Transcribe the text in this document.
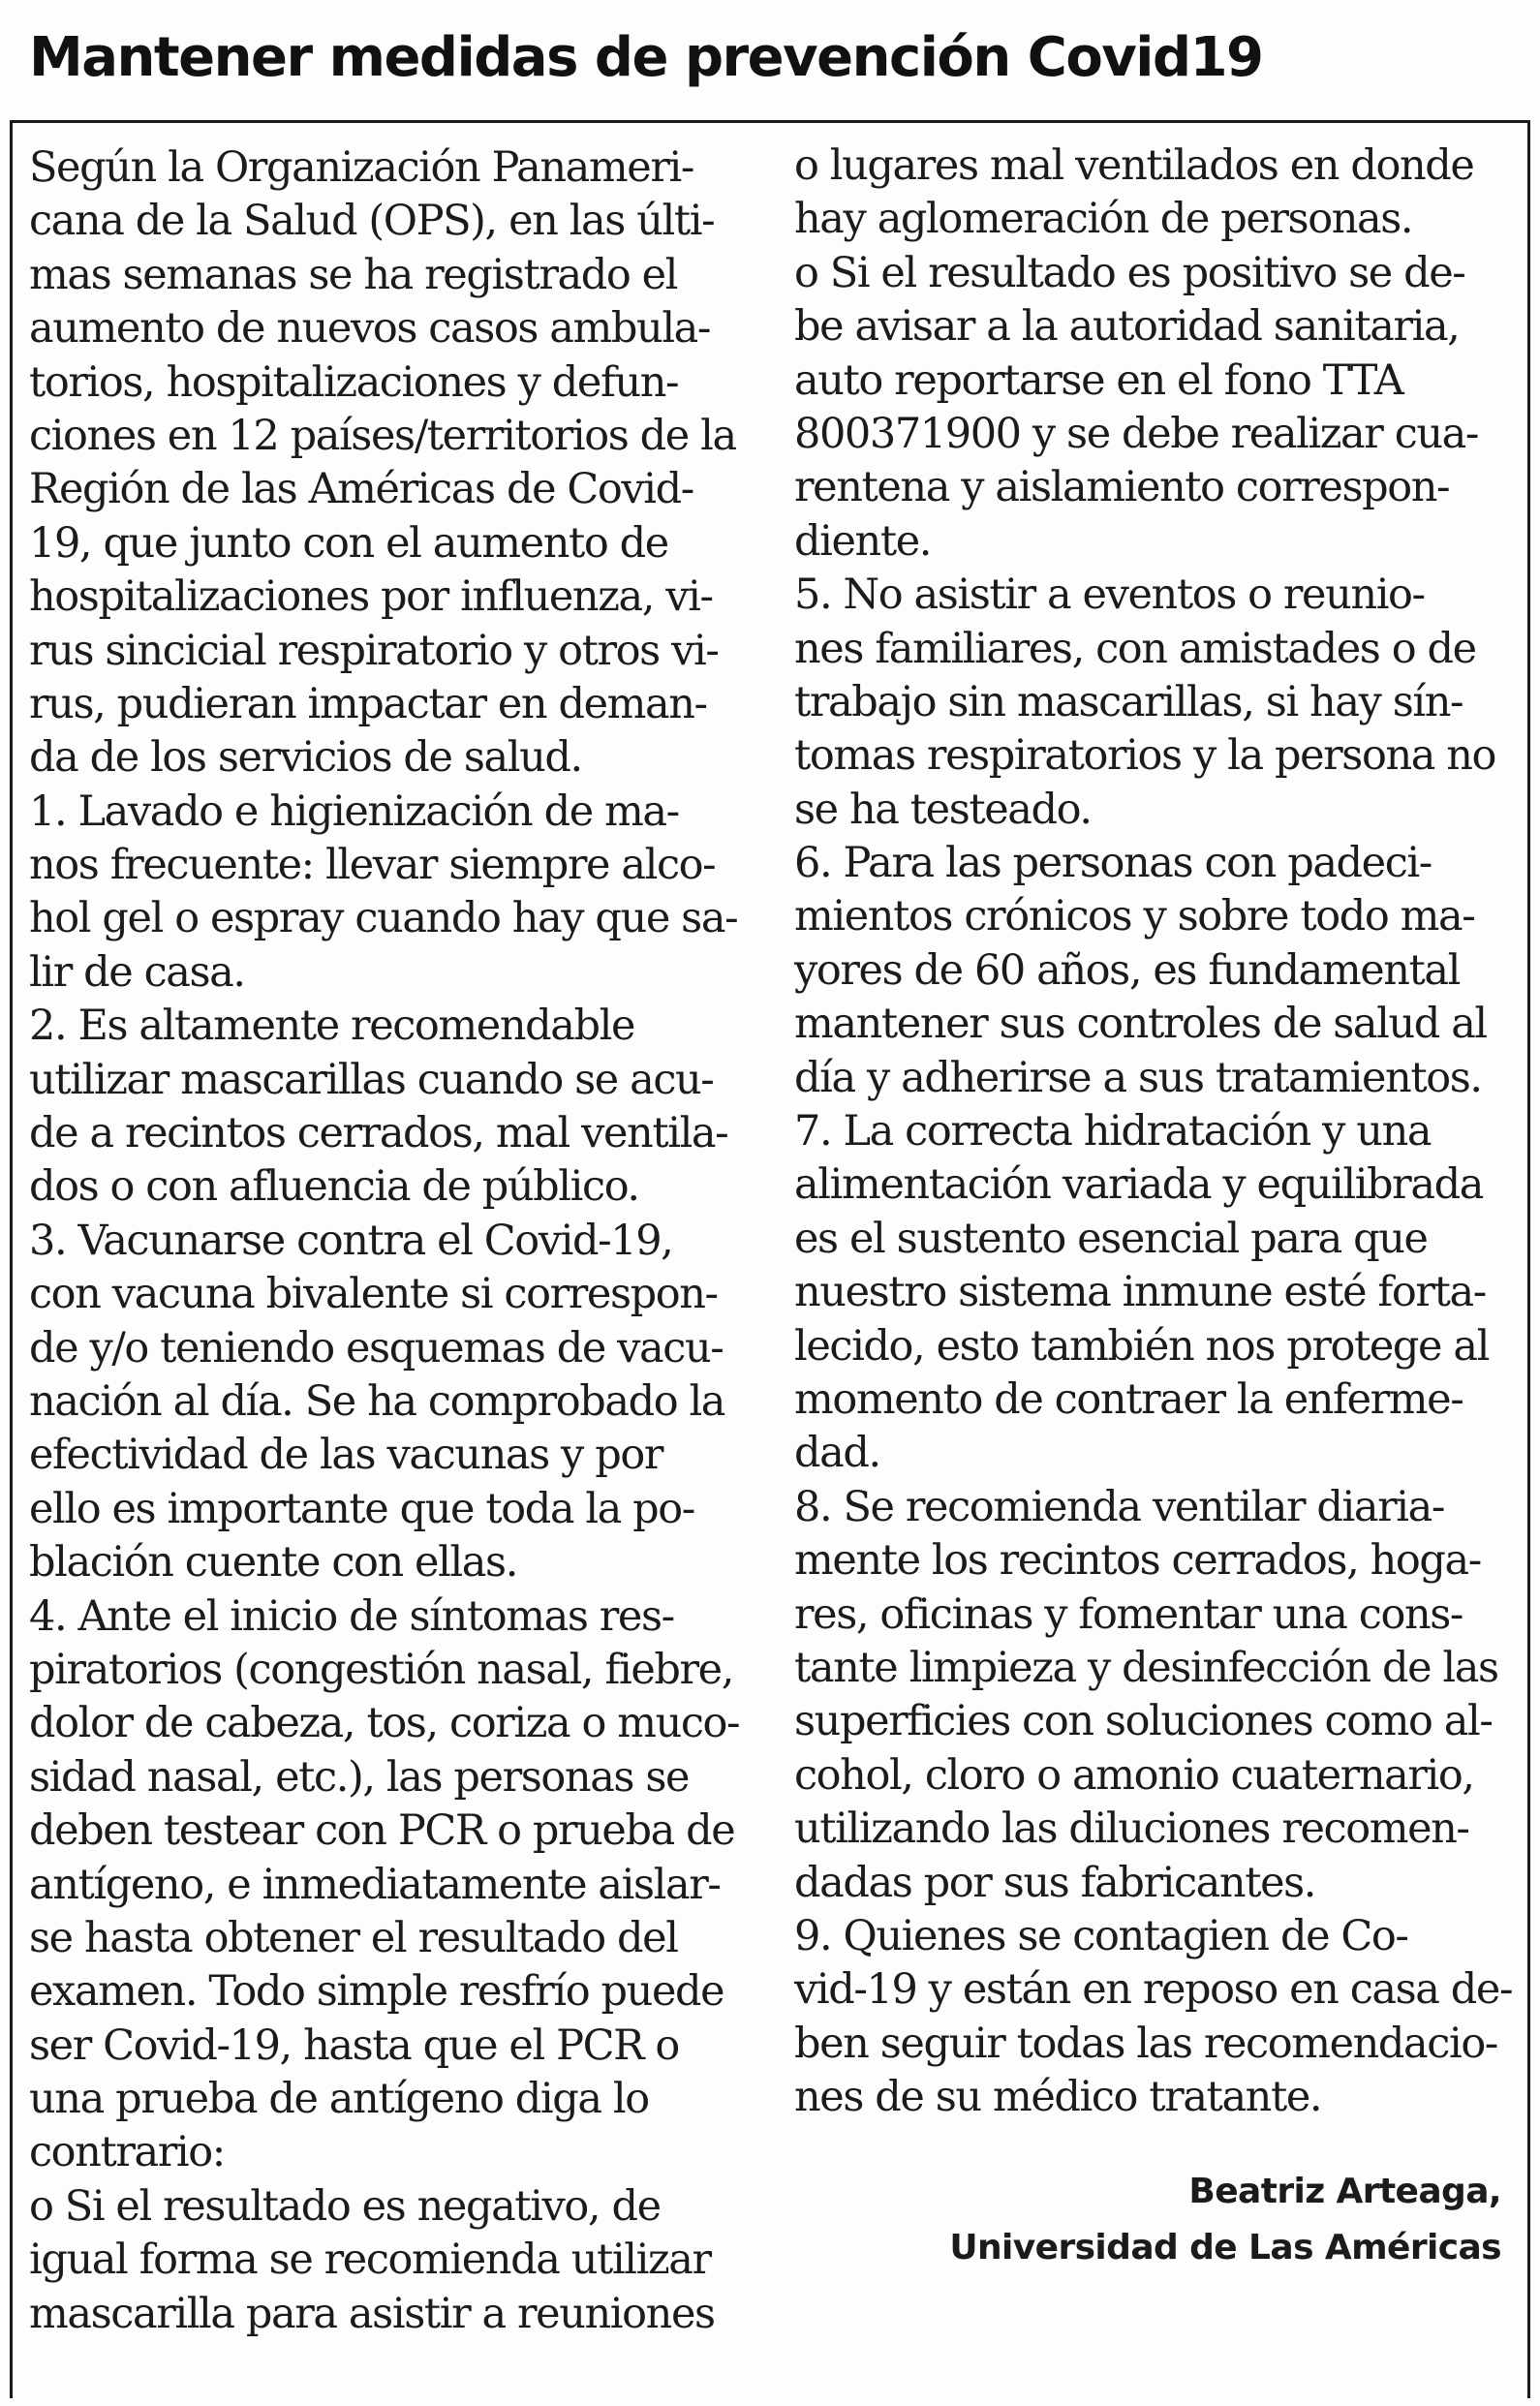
Mantener medidas de prevención Covid19
Según la Organización Panameri-
cana de la Salud (OPS), en las últi-
mas semanas se ha registrado el
aumento de nuevos casos ambula-
torios, hospitalizaciones y defun-
ciones en 12 países/territorios de la
Región de las Américas de Covid-
19, que junto con el aumento de
hospitalizaciones por influenza, vi-
rus sincicial respiratorio y otros vi-
rus, pudieran impactar en deman-
da de los servicios de salud.
1. Lavado e higienización de ma-
nos frecuente: llevar siempre alco-
hol gel o espray cuando hay que sa-
lir de casa.
2. Es altamente recomendable
utilizar mascarillas cuando se acu-
de a recintos cerrados, mal ventila-
dos o con afluencia de público.
3. Vacunarse contra el Covid-19,
con vacuna bivalente si correspon-
de y/o teniendo esquemas de vacu-
nación al día. Se ha comprobado la
efectividad de las vacunas y por
ello es importante que toda la po-
blación cuente con ellas.
4. Ante el inicio de síntomas res-
piratorios (congestión nasal, fiebre,
dolor de cabeza, tos, coriza o muco-
sidad nasal, etc.), las personas se
deben testear con PCR o prueba de
antígeno, e inmediatamente aislar-
se hasta obtener el resultado del
examen. Todo simple resfrío puede
ser Covid-19, hasta que el PCR o
una prueba de antígeno diga lo
contrario:
o Si el resultado es negativo, de
igual forma se recomienda utilizar
mascarilla para asistir a reuniones
o lugares mal ventilados en donde
hay aglomeración de personas.
o Si el resultado es positivo se de-
be avisar a la autoridad sanitaria,
auto reportarse en el fono TTA
800371900 y se debe realizar cua-
rentena y aislamiento correspon-
diente.
5. No asistir a eventos o reunio-
nes familiares, con amistades o de
trabajo sin mascarillas, si hay sín-
tomas respiratorios y la persona no
se ha testeado.
6. Para las personas con padeci-
mientos crónicos y sobre todo ma-
yores de 60 años, es fundamental
mantener sus controles de salud al
día y adherirse a sus tratamientos.
7. La correcta hidratación y una
alimentación variada y equilibrada
es el sustento esencial para que
nuestro sistema inmune esté forta-
lecido, esto también nos protege al
momento de contraer la enfermе-
dad.
8. Se recomienda ventilar diaria-
mente los recintos cerrados, hoga-
res, oficinas y fomentar una cons-
tante limpieza y desinfección de las
superficies con soluciones como al-
cohol, cloro o amonio cuaternario,
utilizando las diluciones recomen-
dadas por sus fabricantes.
9. Quienes se contagien de Co-
vid-19 y están en reposo en casa de-
ben seguir todas las recomendacio-
nes de su médico tratante.
Beatriz Arteaga,
Universidad de Las Américas
